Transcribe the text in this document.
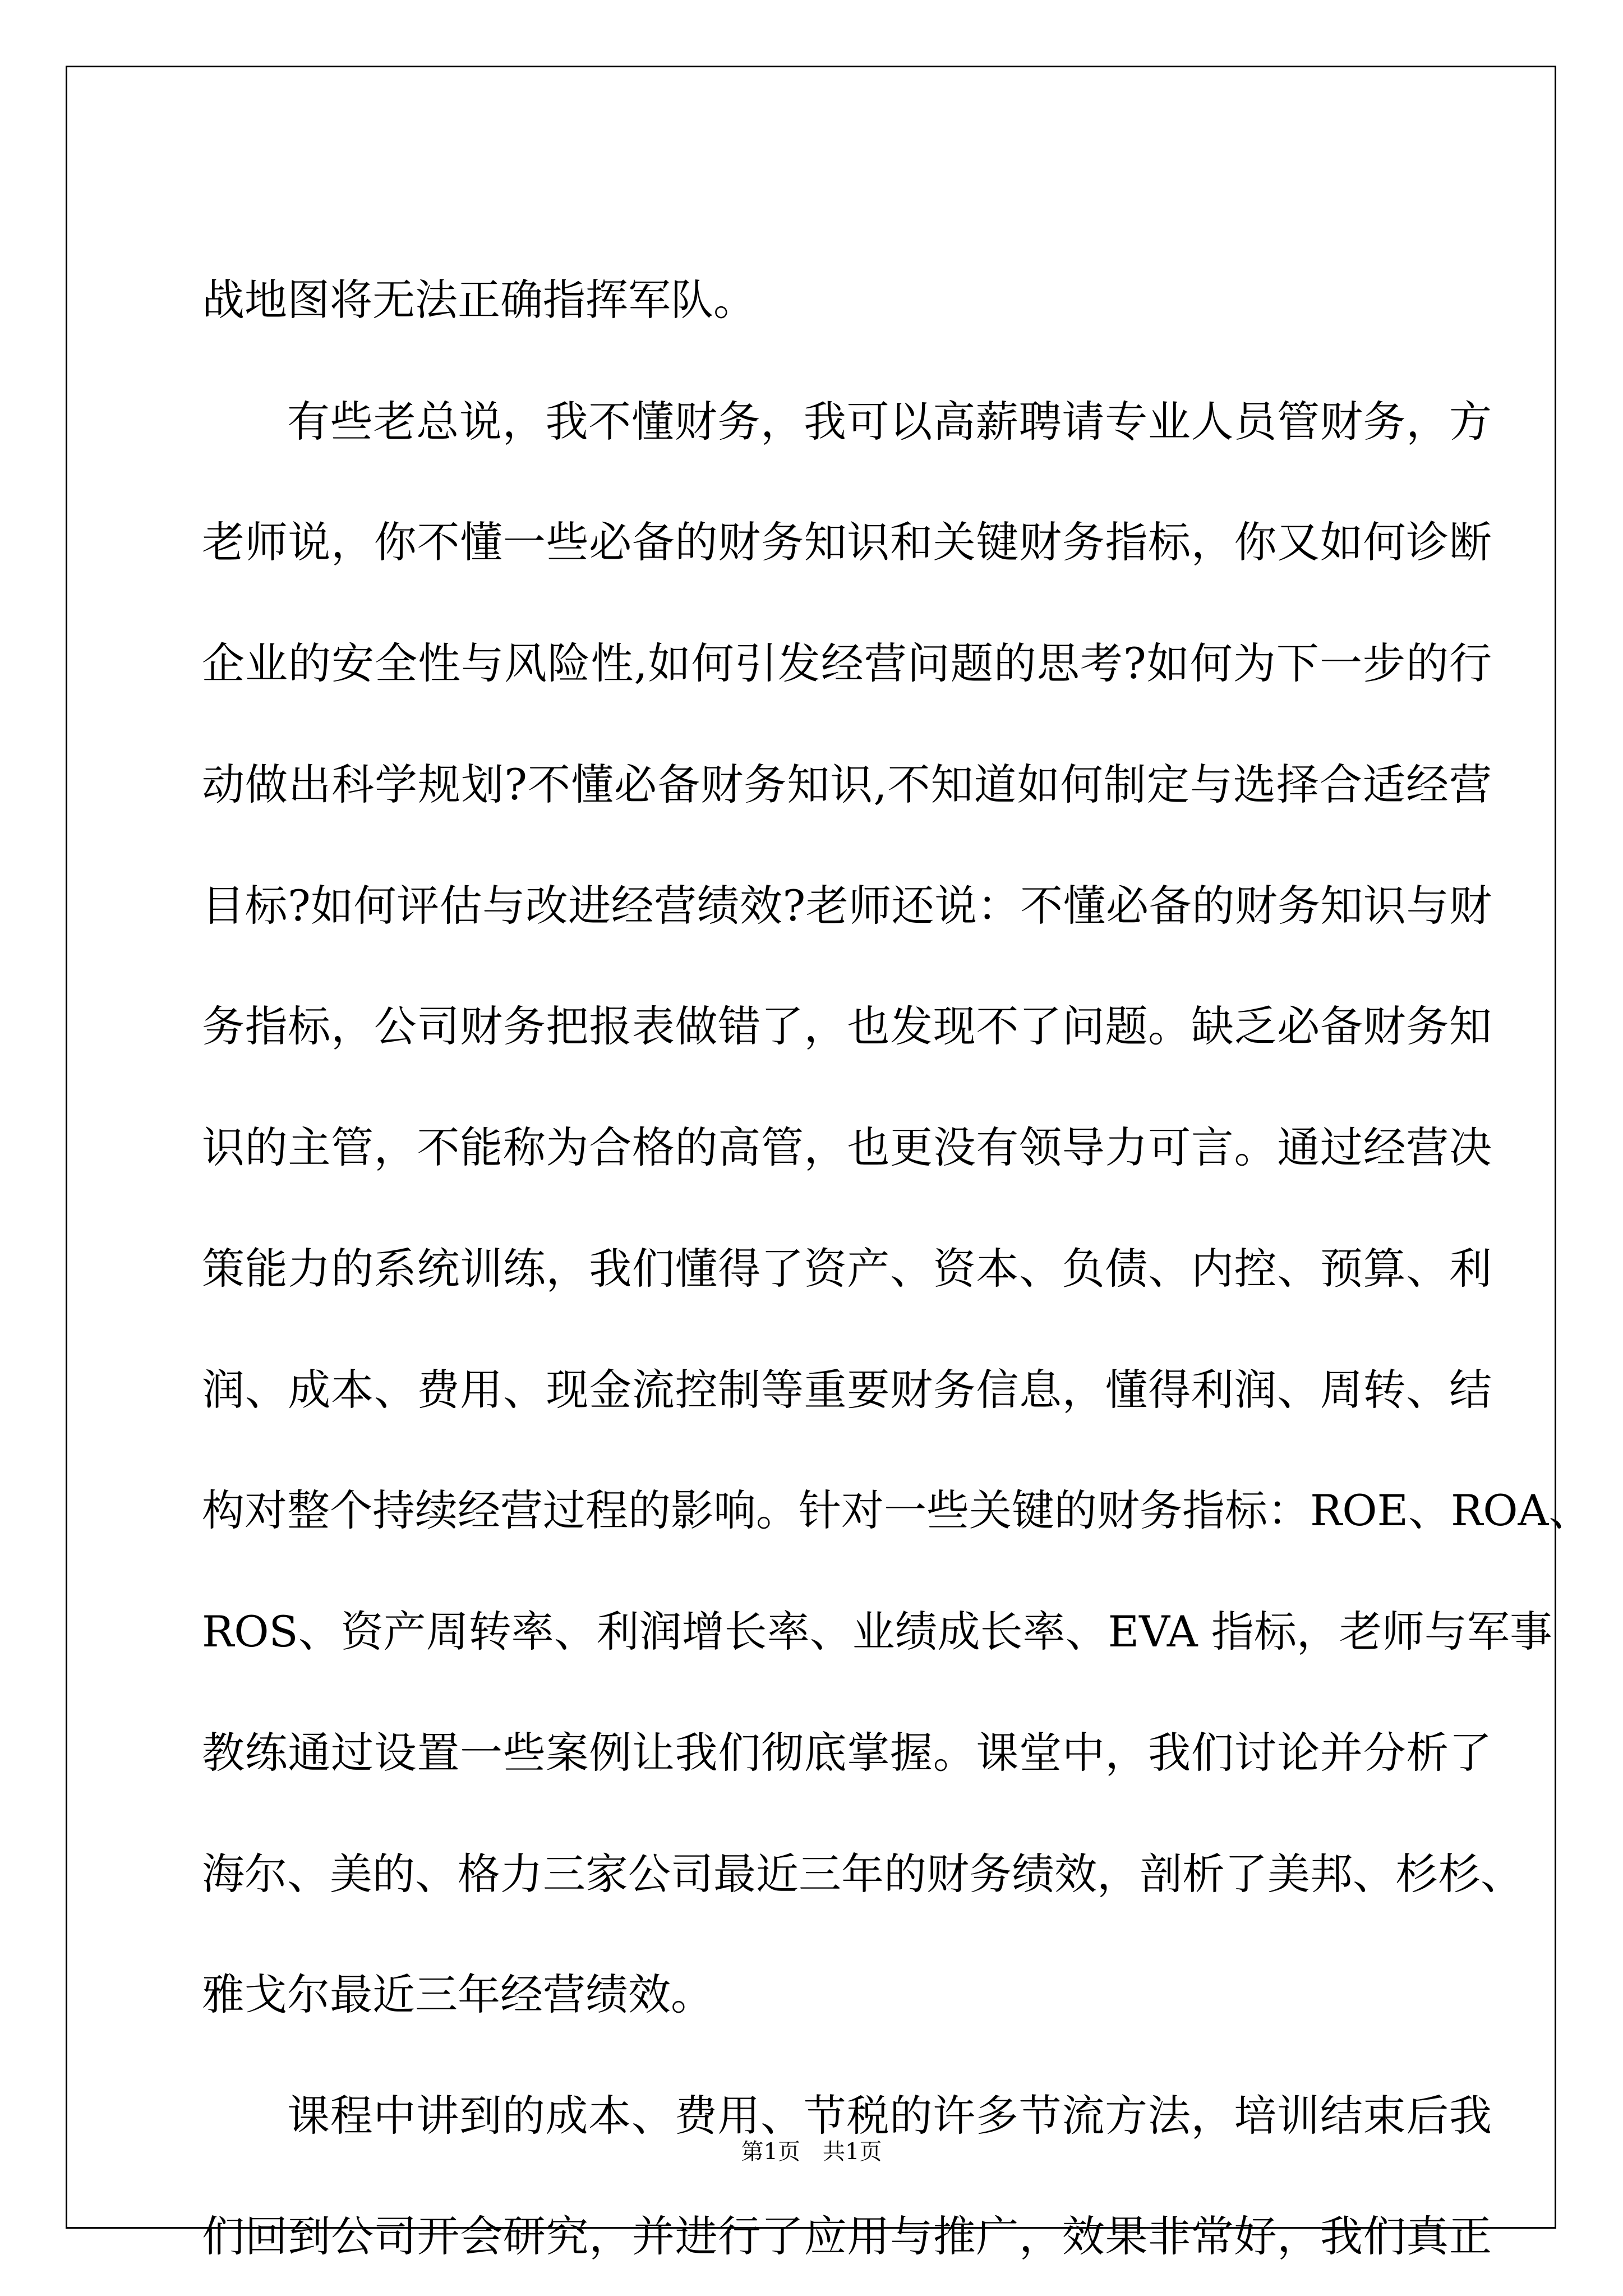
战地图将无法正确指挥军队。
有些老总说，我不懂财务，我可以高薪聘请专业人员管财务，方
老师说，你不懂一些必备的财务知识和关键财务指标，你又如何诊断
企业的安全性与风险性,如何引发经营问题的思考?如何为下一步的行
动做出科学规划?不懂必备财务知识,不知道如何制定与选择合适经营
目标?如何评估与改进经营绩效?老师还说：不懂必备的财务知识与财
务指标，公司财务把报表做错了，也发现不了问题。缺乏必备财务知
识的主管，不能称为合格的高管，也更没有领导力可言。通过经营决
策能力的系统训练，我们懂得了资产、资本、负债、内控、预算、利
润、成本、费用、现金流控制等重要财务信息，懂得利润、周转、结
构对整个持续经营过程的影响。针对一些关键的财务指标：ROE、ROA、
ROS、资产周转率、利润增长率、业绩成长率、EVA 指标，老师与军事
教练通过设置一些案例让我们彻底掌握。课堂中，我们讨论并分析了
海尔、美的、格力三家公司最近三年的财务绩效，剖析了美邦、杉杉、
雅戈尔最近三年经营绩效。
课程中讲到的成本、费用、节税的许多节流方法，培训结束后我
们回到公司开会研究，并进行了应用与推广，效果非常好，我们真正
第1页 共1页
